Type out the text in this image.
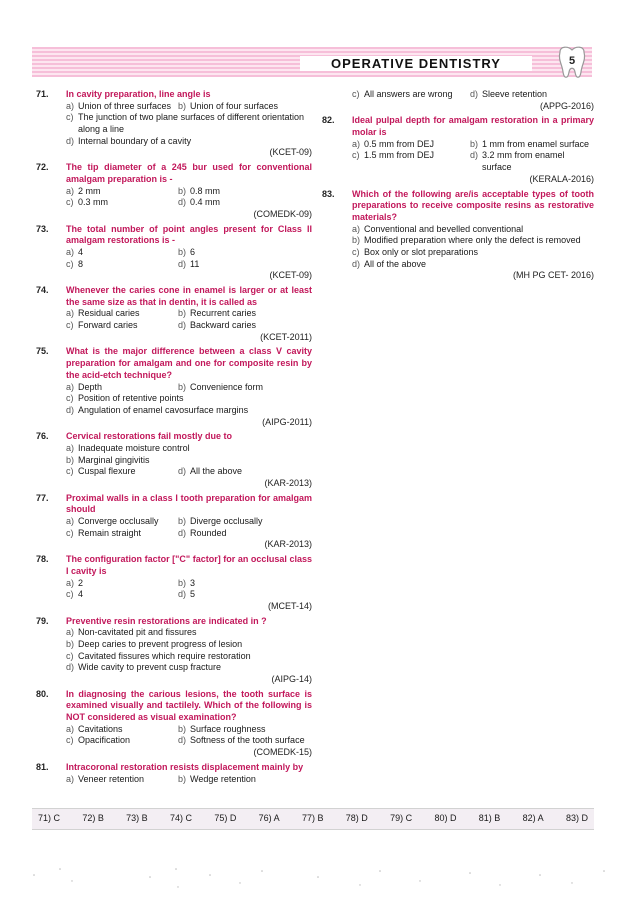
OPERATIVE DENTISTRY	5
71. In cavity preparation, line angle is
a) Union of three surfaces b) Union of four surfaces
c) The junction of two plane surfaces of different orientation along a line
d) Internal boundary of a cavity
(KCET-09)
72. The tip diameter of a 245 bur used for conventional amalgam preparation is -
a) 2 mm	b) 0.8 mm
c) 0.3 mm	d) 0.4 mm
(COMEDK-09)
73. The total number of point angles present for Class II amalgam restorations is -
a) 4	b) 6
c) 8	d) 11
(KCET-09)
74. Whenever the caries cone in enamel is larger or at least the same size as that in dentin, it is called as
a) Residual caries	b) Recurrent caries
c) Forward caries	d) Backward caries
(KCET-2011)
75. What is the major difference between a class V cavity preparation for amalgam and one for composite resin by the acid-etch technique?
a) Depth	b) Convenience form
c) Position of retentive points
d) Angulation of enamel cavosurface margins
(AIPG-2011)
76. Cervical restorations fail mostly due to
a) Inadequate moisture control
b) Marginal gingivitis
c) Cuspal flexure	d) All the above
(KAR-2013)
77. Proximal walls in a class I tooth preparation for amalgam should
a) Converge occlusally	b) Diverge occlusally
c) Remain straight	d) Rounded
(KAR-2013)
78. The configuration factor ["C" factor] for an occlusal class I cavity is
a) 2	b) 3
c) 4	d) 5
(MCET-14)
79. Preventive resin restorations are indicated in ?
a) Non-cavitated pit and fissures
b) Deep caries to prevent progress of lesion
c) Cavitated fissures which require restoration
d) Wide cavity to prevent cusp fracture
(AIPG-14)
80. In diagnosing the carious lesions, the tooth surface is examined visually and tactilely. Which of the following is NOT considered as visual examination?
a) Cavitations	b) Surface roughness
c) Opacification	d) Softness of the tooth surface
(COMEDK-15)
81. Intracoronal restoration resists displacement mainly by
a) Veneer retention	b) Wedge retention
c) All answers are wrong	d) Sleeve retention
(APPG-2016)
82. Ideal pulpal depth for amalgam restoration in a primary molar is
a) 0.5 mm from DEJ	b) 1 mm from enamel surface
c) 1.5 mm from DEJ	d) 3.2 mm from enamel surface
(KERALA-2016)
83. Which of the following are/is acceptable types of tooth preparations to receive composite resins as restorative materials?
a) Conventional and bevelled conventional
b) Modified preparation where only the defect is removed
c) Box only or slot preparations
d) All of the above
(MH PG CET- 2016)
71) C 72) B 73) B 74) C 75) D 76) A 77) B 78) D 79) C 80) D 81) B 82) A 83) D
